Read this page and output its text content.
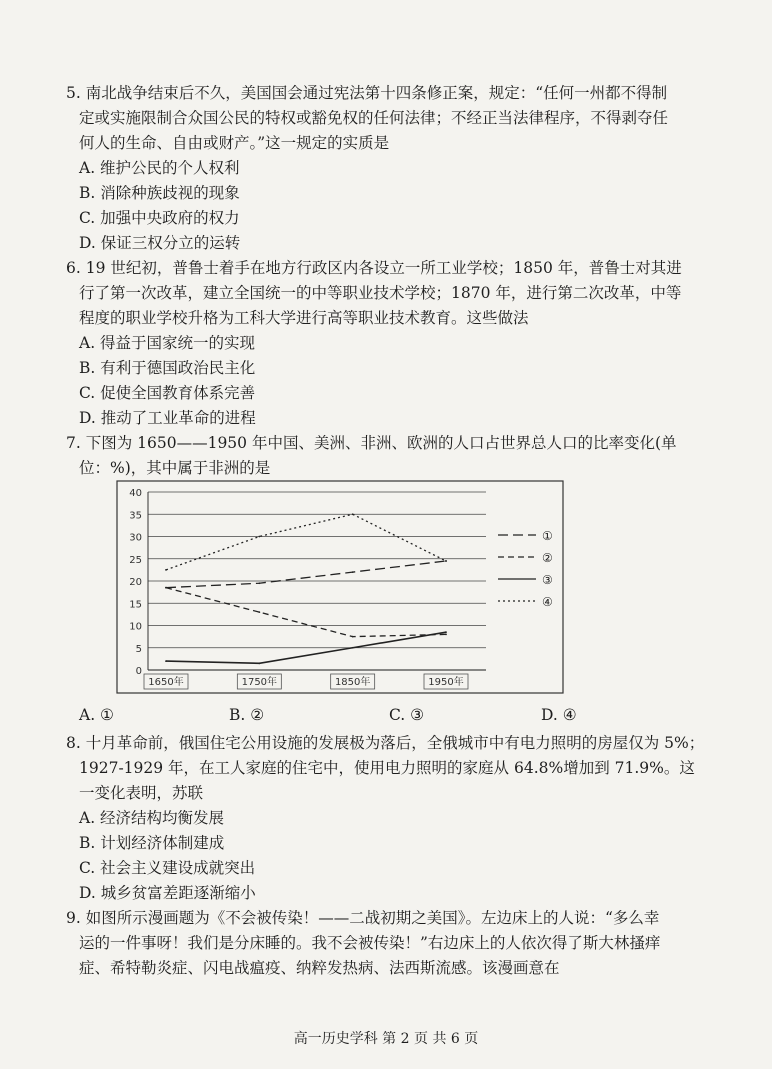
5. 南北战争结束后不久，美国国会通过宪法第十四条修正案，规定：“任何一州都不得制
定或实施限制合众国公民的特权或豁免权的任何法律；不经正当法律程序，不得剥夺任
何人的生命、自由或财产。”这一规定的实质是
A. 维护公民的个人权利
B. 消除种族歧视的现象
C. 加强中央政府的权力
D. 保证三权分立的运转
6. 19 世纪初，普鲁士着手在地方行政区内各设立一所工业学校；1850 年，普鲁士对其进
行了第一次改革，建立全国统一的中等职业技术学校；1870 年，进行第二次改革，中等
程度的职业学校升格为工科大学进行高等职业技术教育。这些做法
A. 得益于国家统一的实现
B. 有利于德国政治民主化
C. 促使全国教育体系完善
D. 推动了工业革命的进程
7. 下图为 1650——1950 年中国、美洲、非洲、欧洲的人口占世界总人口的比率变化(单
位：%)，其中属于非洲的是
0
5
10
15
20
25
30
35
40
1650年	1750年	1850年	1950年
①
②
③
④
A. ①	B. ②	C. ③	D. ④
8. 十月革命前，俄国住宅公用设施的发展极为落后，全俄城市中有电力照明的房屋仅为 5%；
1927-1929 年，在工人家庭的住宅中，使用电力照明的家庭从 64.8%增加到 71.9%。这
一变化表明，苏联
A. 经济结构均衡发展
B. 计划经济体制建成
C. 社会主义建设成就突出
D. 城乡贫富差距逐渐缩小
9. 如图所示漫画题为《不会被传染！——二战初期之美国》。左边床上的人说：“多么幸
运的一件事呀！我们是分床睡的。我不会被传染！”右边床上的人依次得了斯大林搔痒
症、希特勒炎症、闪电战瘟疫、纳粹发热病、法西斯流感。该漫画意在
高一历史学科 第 2 页 共 6 页
